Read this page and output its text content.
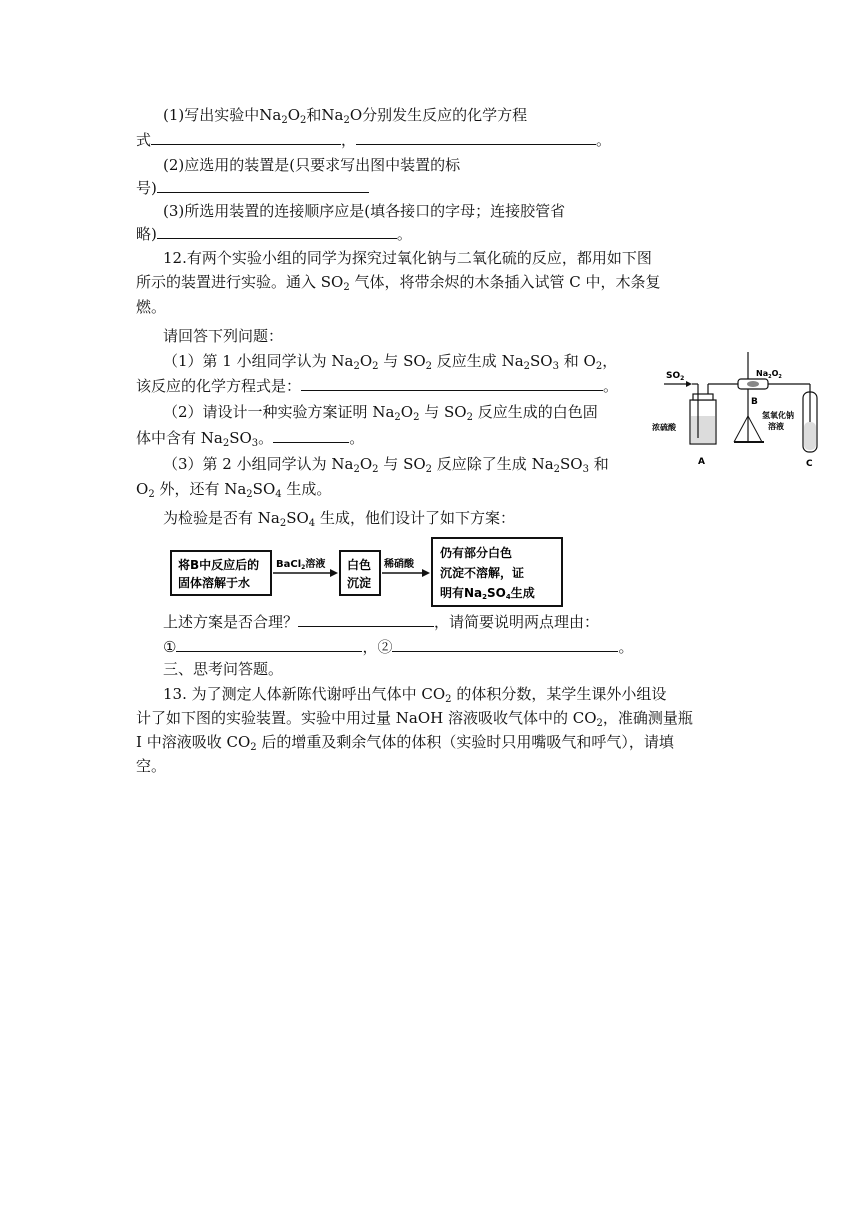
(1)写出实验中$Na_2O_2$和$Na_2O$分别发生反应的化学方程
式	，	。
(2)应选用的装置是(只要求写出图中装置的标
号)
(3)所选用装置的连接顺序应是(填各接口的字母；连接胶管省
略)	。
12.有两个实验小组的同学为探究过氧化钠与二氧化硫的反应，都用如下图
所示的装置进行实验。通入 $SO_2$ 气体，将带余烬的木条插入试管 C 中，木条复
燃。
请回答下列问题：
（1）第 1 小组同学认为 $Na_2O_2$ 与 $SO_2$ 反应生成 $Na_2SO_3$ 和 $O_2$，
该反应的化学方程式是：	。
（2）请设计一种实验方案证明 $Na_2O_2$ 与 $SO_2$ 反应生成的白色固
体中含有 $Na_2SO_3$。	。
（3）第 2 小组同学认为 $Na_2O_2$ 与 $SO_2$ 反应除了生成 $Na_2SO_3$ 和
$O_2$ 外，还有 $Na_2SO_4$ 生成。
为检验是否有 $Na_2SO_4$ 生成，他们设计了如下方案：
$SO_2$
浓硫酸
A
$Na_2O_2$
B
氢氧化钠
溶液
C
将B中反应后的
固体溶解于水
BaCl$_2$溶液 白色
沉淀
稀硝酸
仍有部分白色
沉淀不溶解，证
明有Na2SO4生成
上述方案是否合理？	，请简要说明两点理由：
①	，②	。
三、思考问答题。
13. 为了测定人体新陈代谢呼出气体中 $CO_2$ 的体积分数，某学生课外小组设
计了如下图的实验装置。实验中用过量 NaOH 溶液吸收气体中的 $CO_2$，准确测量瓶
I 中溶液吸收 $CO_2$ 后的增重及剩余气体的体积（实验时只用嘴吸气和呼气），请填
空。
